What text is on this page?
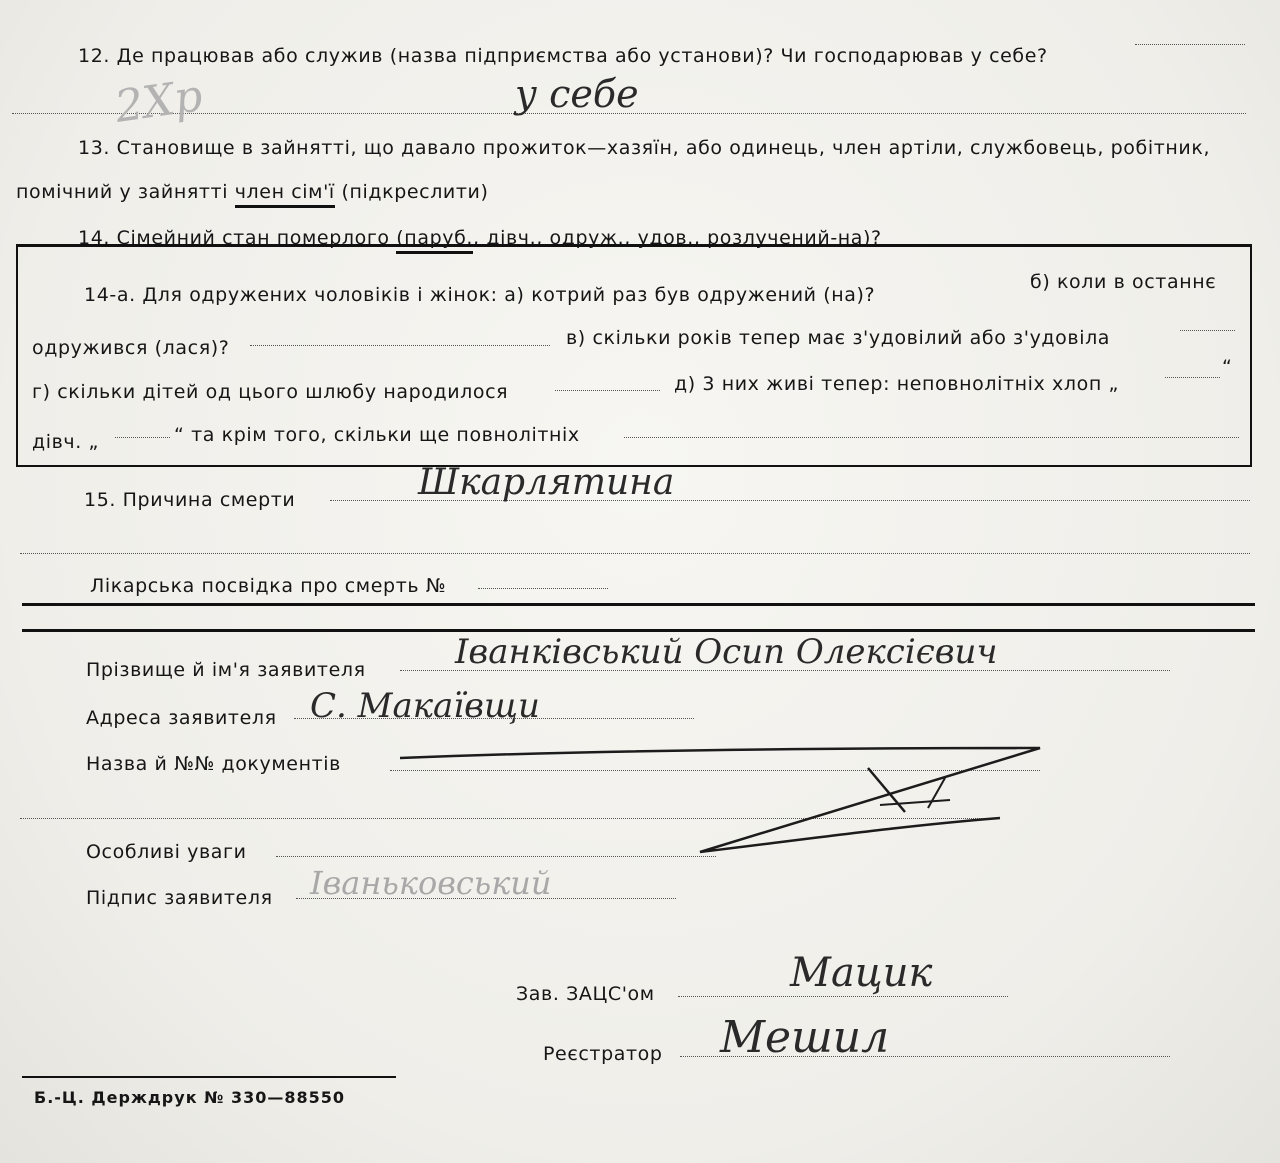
12. Де працював або служив (назва підприємства або установи)? Чи господарював у себе?
2Хр	у себе
13. Становище в зайнятті, що давало прожиток—хазяїн, або одинець, член артіли, службовець, робітник,
помічний у зайнятті член сім'ї (підкреслити)
14. Сімейний стан померлого (паруб., дівч., одруж., удов., розлучений-на)?
14-а. Для одружених чоловіків і жінок: а) котрий раз був одружений (на)?
б) коли в останнє
одружився (лася)?	в) скільки років тепер має з'удовілий або з'удовіла
г) скільки дітей од цього шлюбу народилося	д) 3 них живі тепер: неповнолітніх хлоп „
“
дівч. „	“ та крім того, скільки ще повнолітніх
15. Причина смерти	Шкарлятина
Лікарська посвідка про смерть №
Прізвище й ім'я заявителя	Іванківський Осип Олексієвич
Адреса заявителя С. Макаївщи
Назва й №№ документів
Особливі уваги
Підпис заявителя Іваньковський
Зав. ЗАЦС'ом	Мацик
Реєстратор Мешил
Б.-Ц. Держдрук № 330—88550
